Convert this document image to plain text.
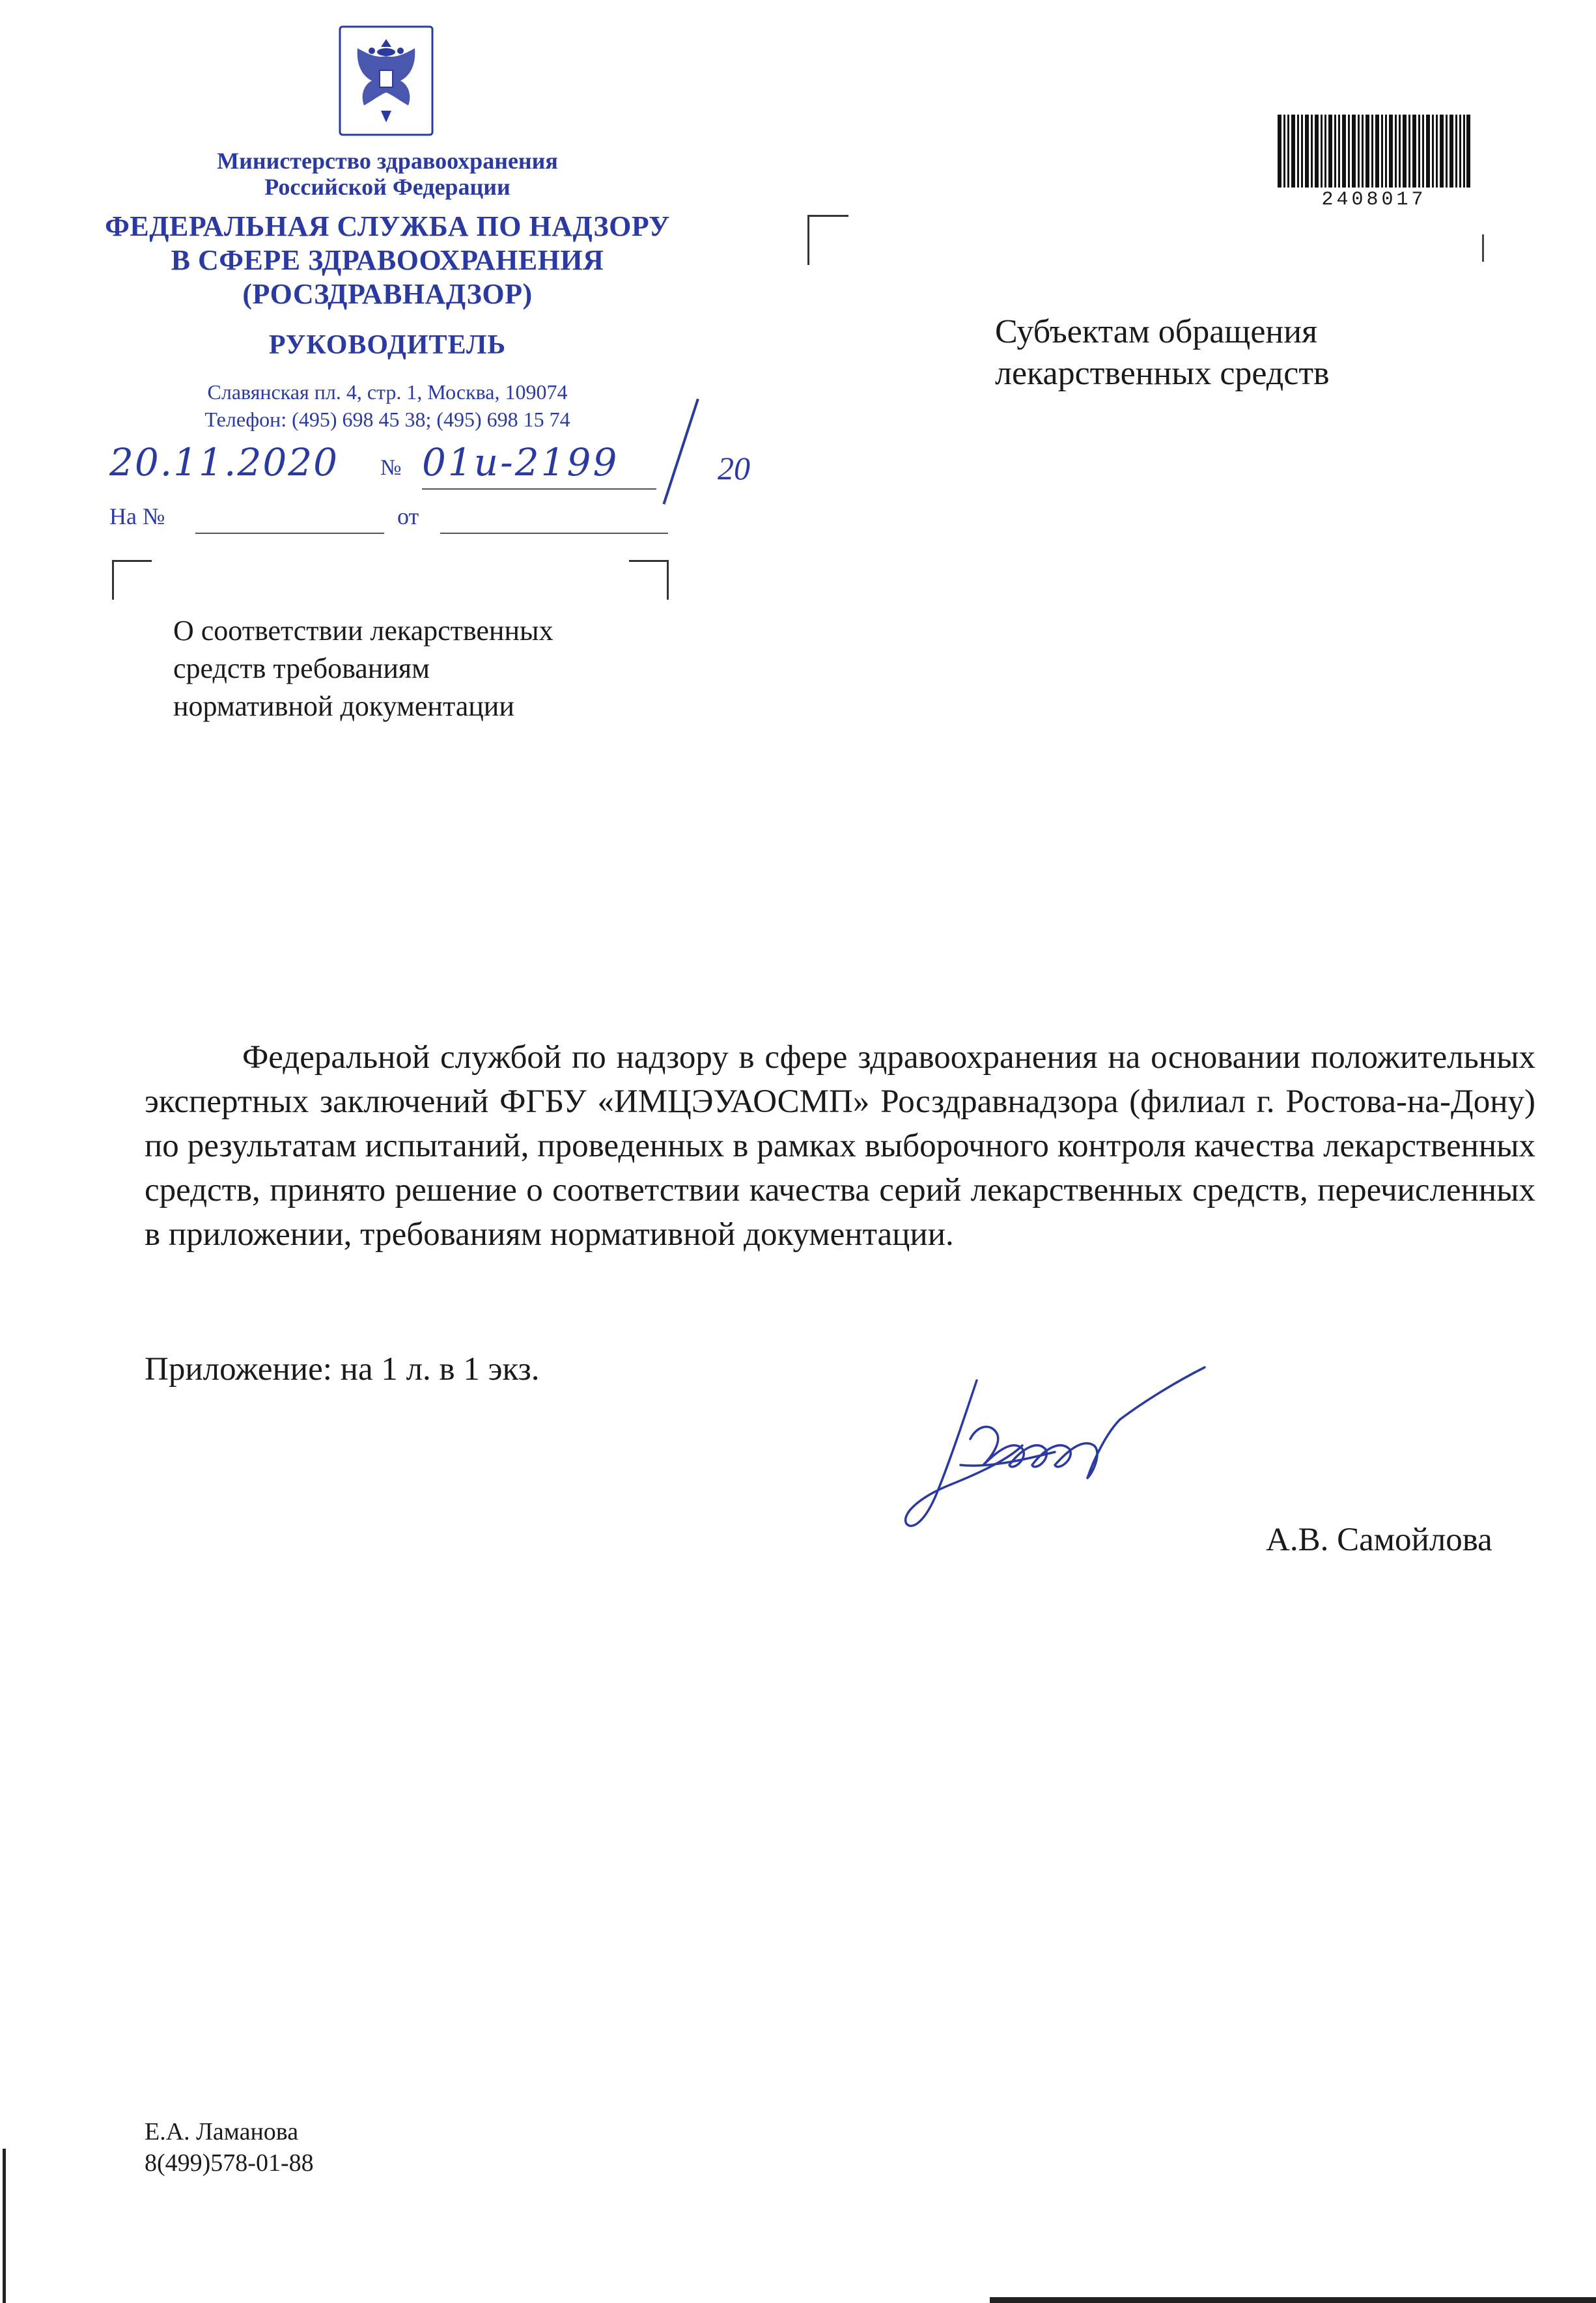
Министерство здравоохранения
Российской Федерации
ФЕДЕРАЛЬНАЯ СЛУЖБА ПО НАДЗОРУ
В СФЕРЕ ЗДРАВООХРАНЕНИЯ
(РОСЗДРАВНАДЗОР)
РУКОВОДИТЕЛЬ
Славянская пл. 4, стр. 1, Москва, 109074
Телефон: (495) 698 45 38; (495) 698 15 74
20.11.2020 № 01и-2199	20
На №	от
О соответствии лекарственных
средств требованиям
нормативной документации
2408017
Субъектам обращения
лекарственных средств
Федеральной службой по надзору в сфере здравоохранения на основании положительных экспертных заключений ФГБУ «ИМЦЭУАОСМП» Росздравнадзора (филиал г. Ростова-на-Дону) по результатам испытаний, проведенных в рамках выборочного контроля качества лекарственных средств, принято решение о соответствии качества серий лекарственных средств, перечисленных в приложении, требованиям нормативной документации.
Приложение: на 1 л. в 1 экз.
А.В. Самойлова
Е.А. Ламанова
8(499)578-01-88
